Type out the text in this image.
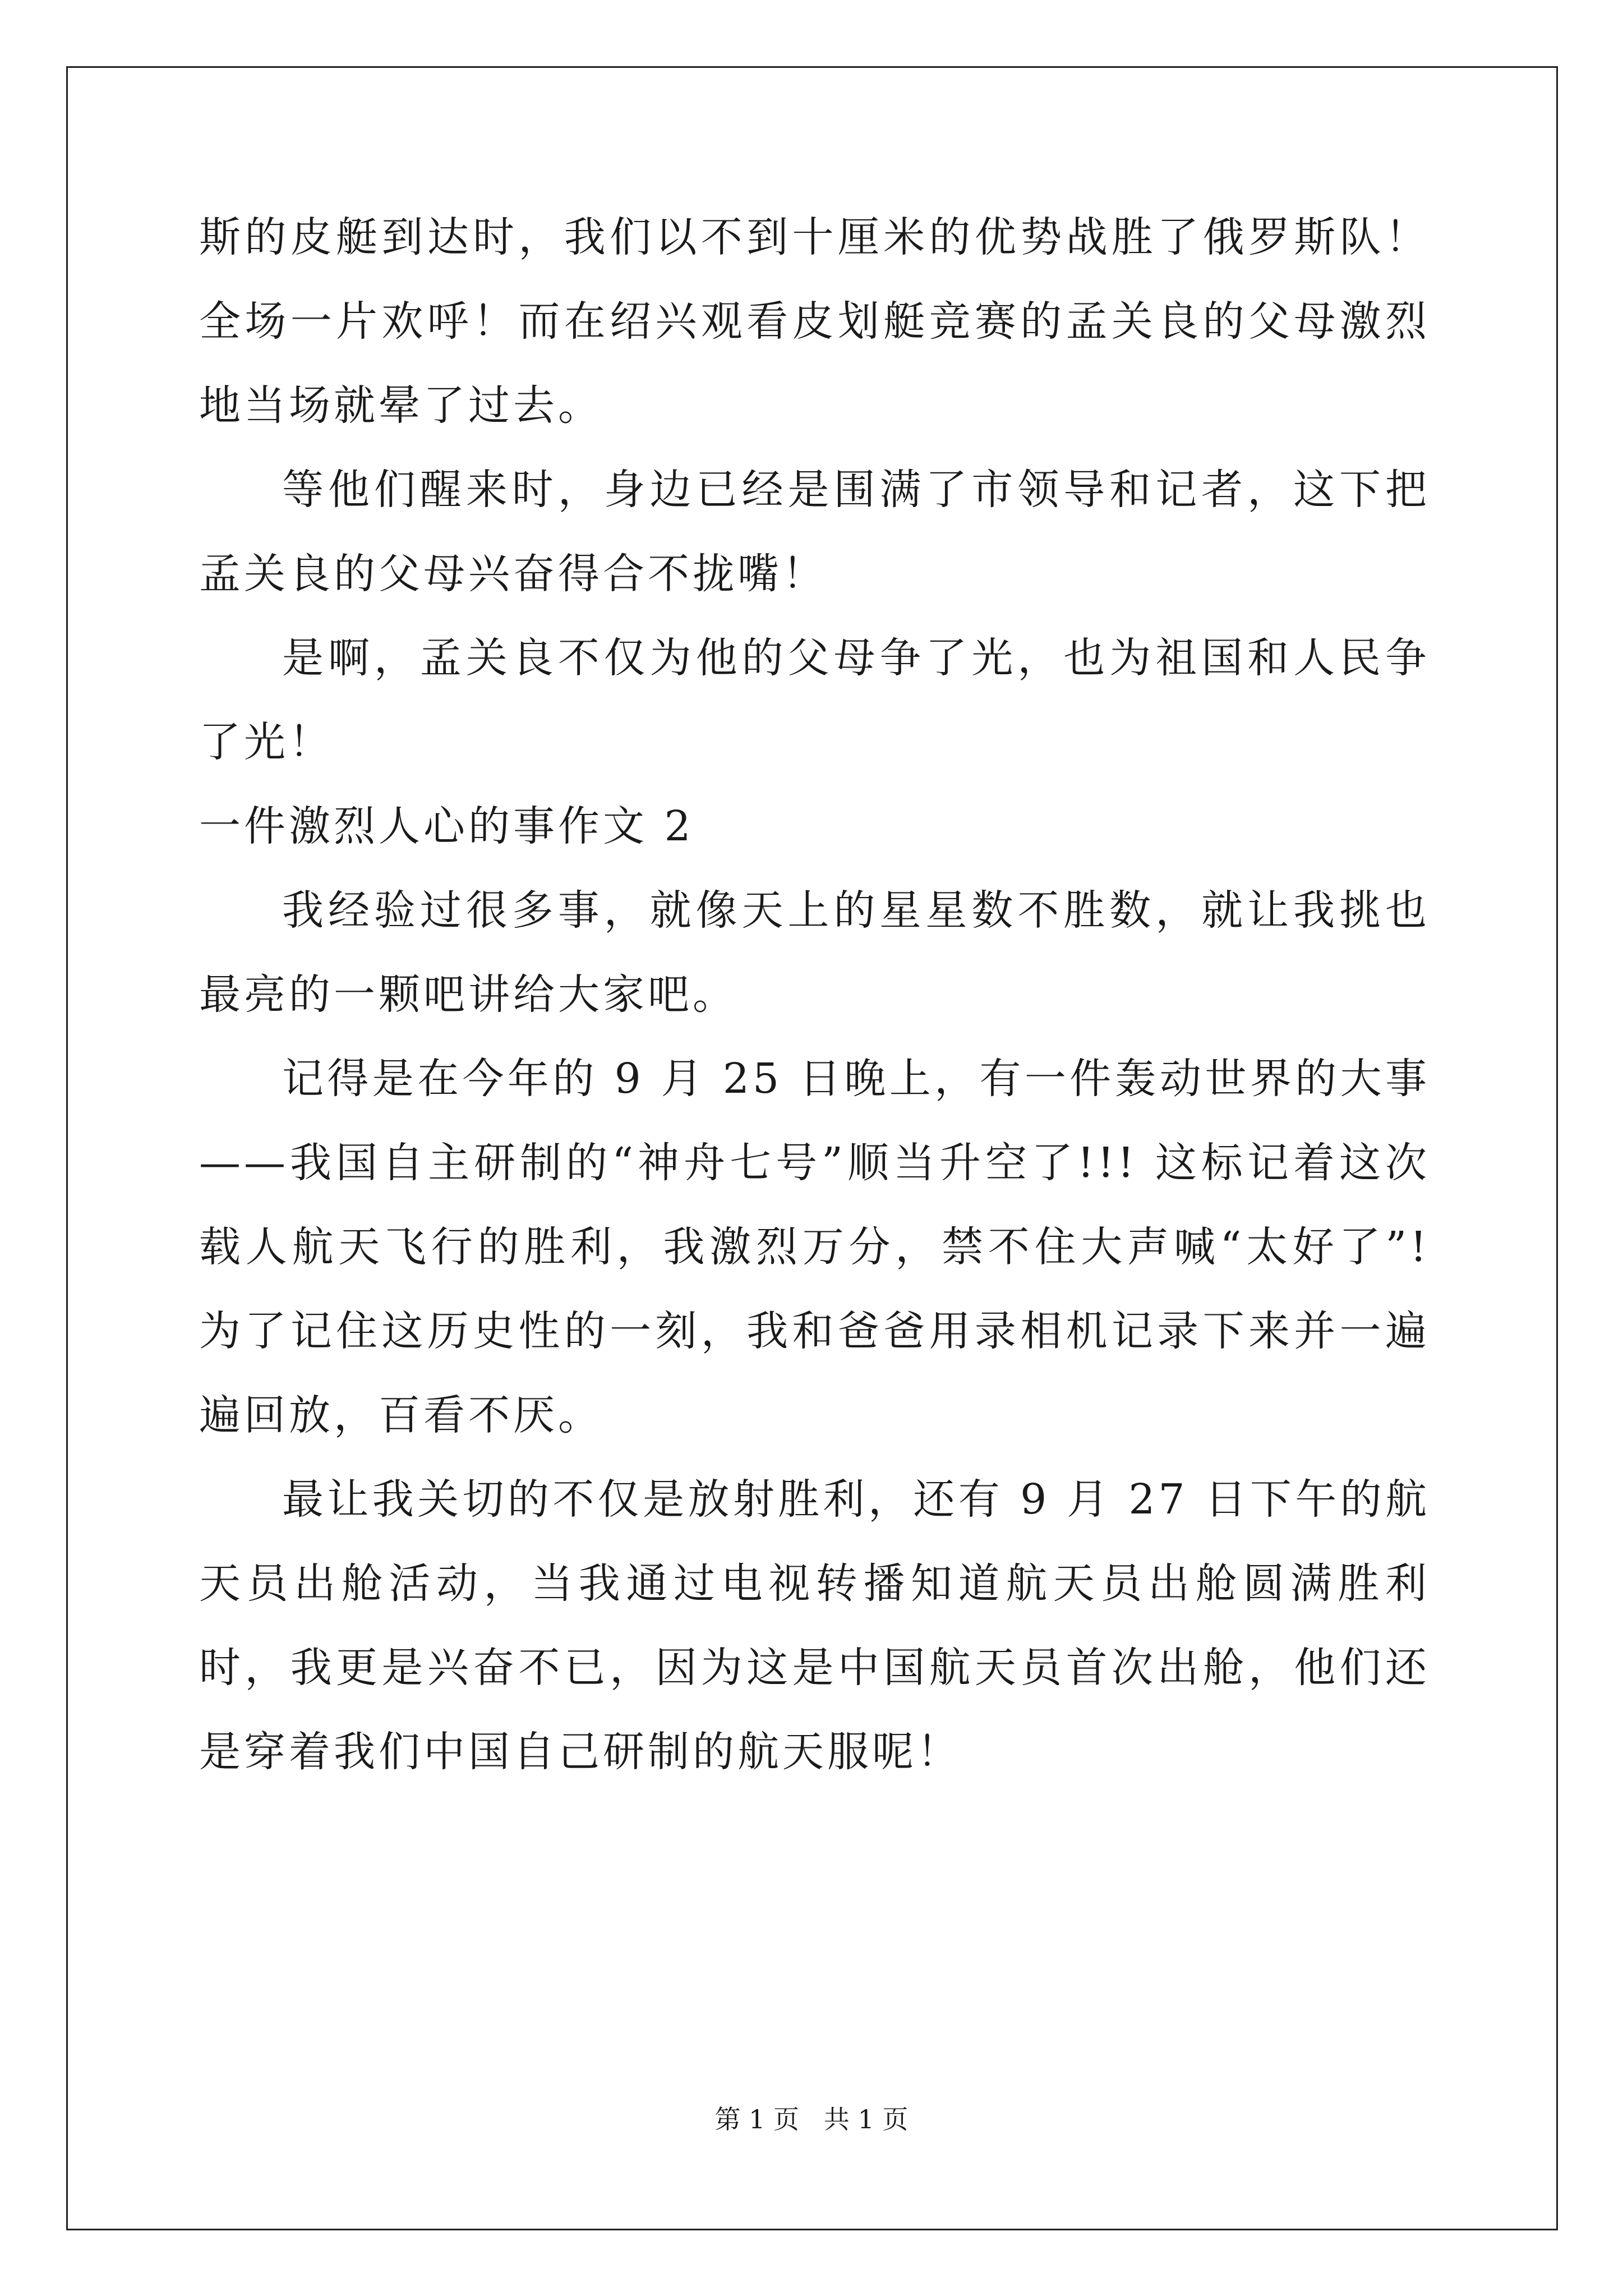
斯的皮艇到达时，我们以不到十厘米的优势战胜了俄罗斯队！全场一片欢呼！而在绍兴观看皮划艇竞赛的孟关良的父母激烈地当场就晕了过去。

等他们醒来时，身边已经是围满了市领导和记者，这下把孟关良的父母兴奋得合不拢嘴！

是啊，孟关良不仅为他的父母争了光，也为祖国和人民争了光！

一件激烈人心的事作文 2

我经验过很多事，就像天上的星星数不胜数，就让我挑也最亮的一颗吧讲给大家吧。

记得是在今年的 9 月 25 日晚上，有一件轰动世界的大事——我国自主研制的“神舟七号”顺当升空了!!! 这标记着这次载人航天飞行的胜利，我激烈万分，禁不住大声喊“太好了”! 为了记住这历史性的一刻，我和爸爸用录相机记录下来并一遍遍回放，百看不厌。

最让我关切的不仅是放射胜利，还有 9 月 27 日下午的航天员出舱活动，当我通过电视转播知道航天员出舱圆满胜利时，我更是兴奋不已，因为这是中国航天员首次出舱，他们还是穿着我们中国自己研制的航天服呢！

第 1 页   共 1 页
